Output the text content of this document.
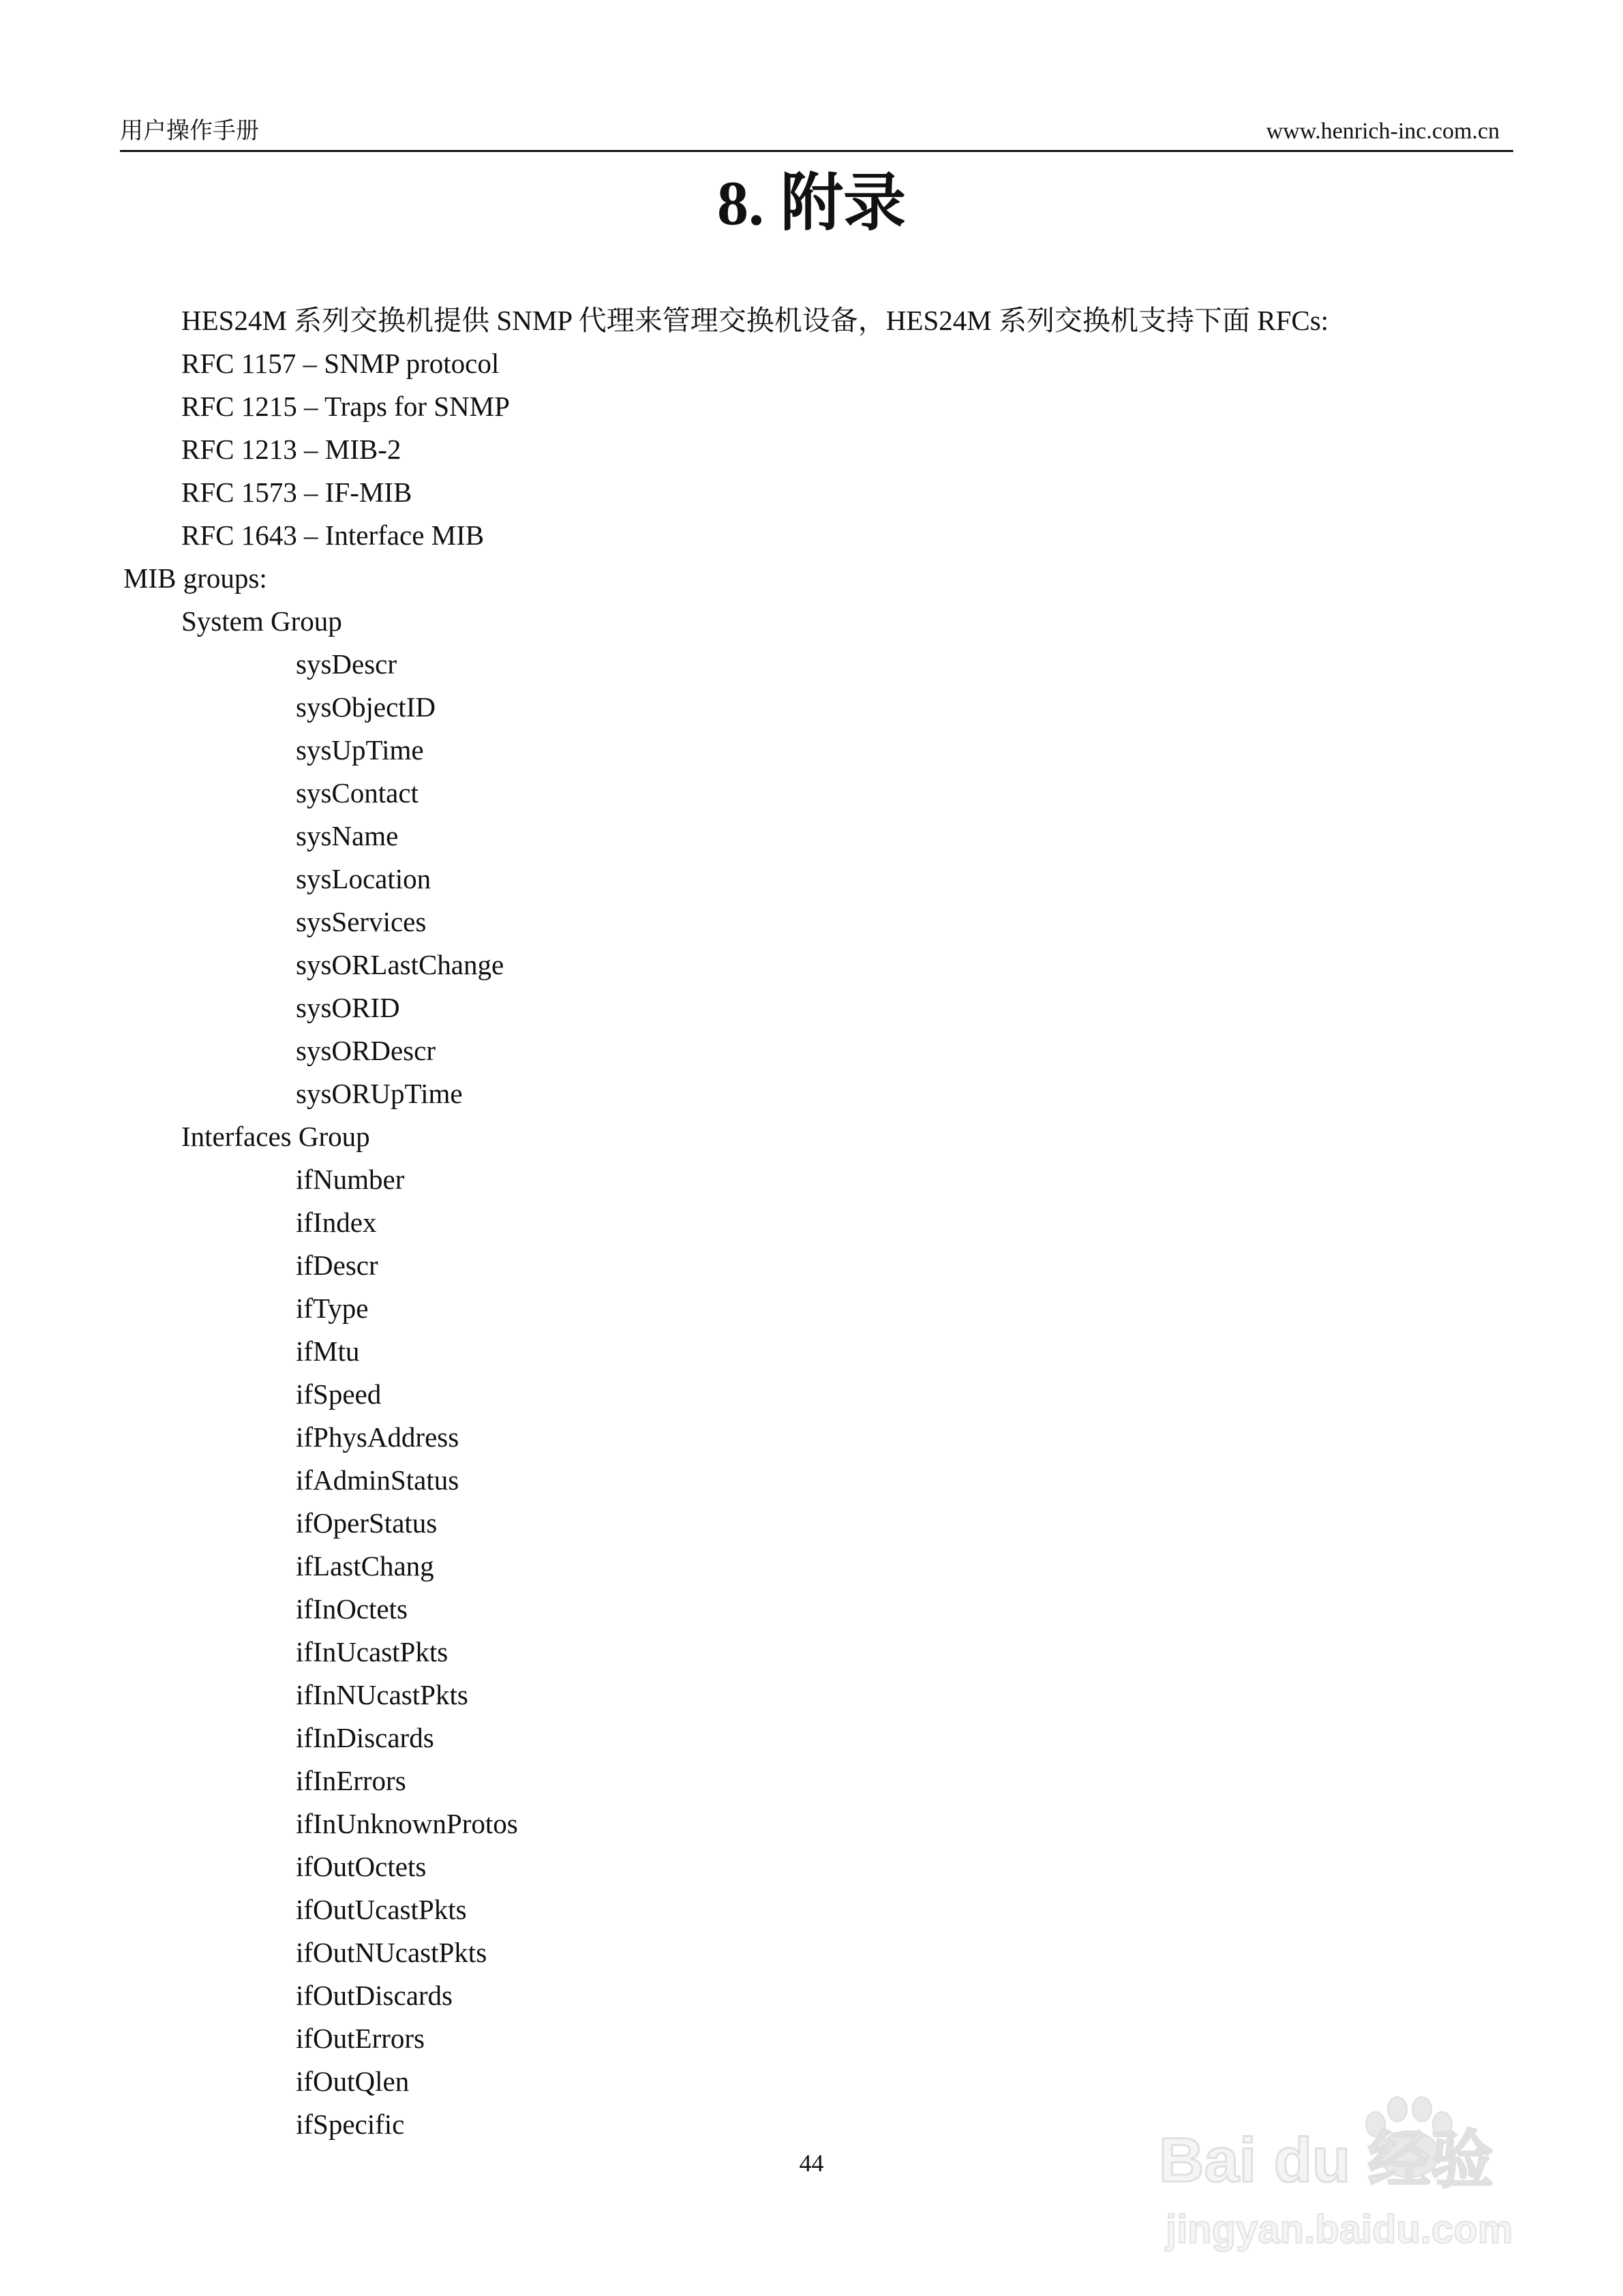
用户操作手册	www.henrich-inc.com.cn
8. 附录
HES24M 系列交换机提供 SNMP 代理来管理交换机设备，HES24M 系列交换机支持下面 RFCs:
RFC 1157 – SNMP protocol
RFC 1215 – Traps for SNMP
RFC 1213 – MIB-2
RFC 1573 – IF-MIB
RFC 1643 – Interface MIB
MIB groups:
System Group
sysDescr
sysObjectID
sysUpTime
sysContact
sysName
sysLocation
sysServices
sysORLastChange
sysORID
sysORDescr
sysORUpTime
Interfaces Group
ifNumber
ifIndex
ifDescr
ifType
ifMtu
ifSpeed
ifPhysAddress
ifAdminStatus
ifOperStatus
ifLastChang
ifInOctets
ifInUcastPkts
ifInNUcastPkts
ifInDiscards
ifInErrors
ifInUnknownProtos
ifOutOctets
ifOutUcastPkts
ifOutNUcastPkts
ifOutDiscards
ifOutErrors
ifOutQlen
ifSpecific
44	Bai du 经验
jingyan.baidu.com
